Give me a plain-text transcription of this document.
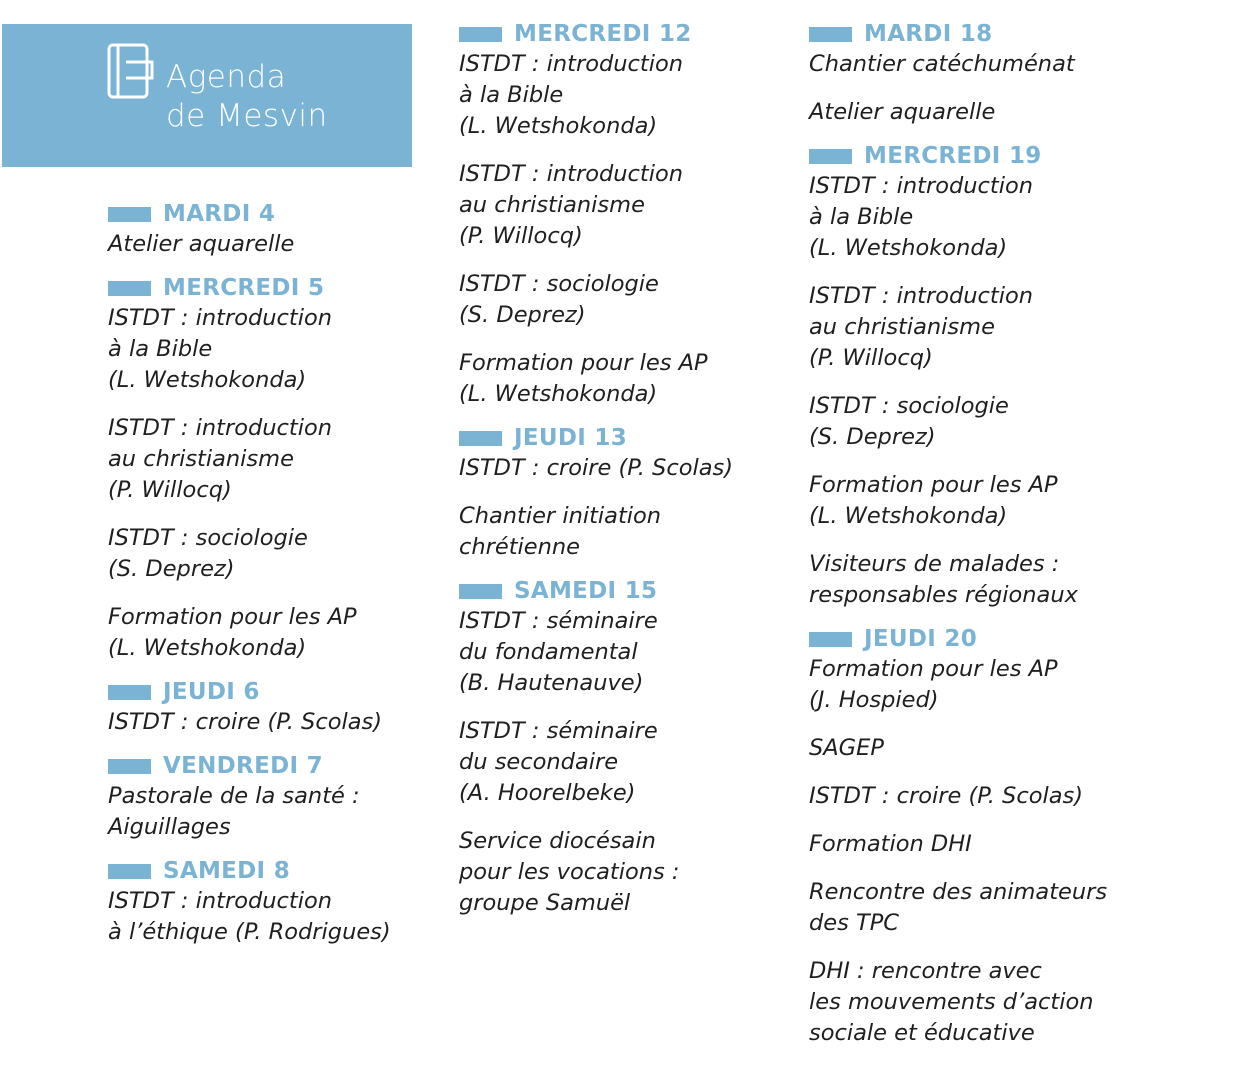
Agenda
de Mesvin
MARDI 4
Atelier aquarelle
MERCREDI 5
ISTDT : introduction
à la Bible
(L. Wetshokonda)
ISTDT : introduction
au christianisme
(P. Willocq)
ISTDT : sociologie
(S. Deprez)
Formation pour les AP
(L. Wetshokonda)
JEUDI 6
ISTDT : croire (P. Scolas)
VENDREDI 7
Pastorale de la santé :
Aiguillages
SAMEDI 8
ISTDT : introduction
à l’éthique (P. Rodrigues)
MERCREDI 12
ISTDT : introduction
à la Bible
(L. Wetshokonda)
ISTDT : introduction
au christianisme
(P. Willocq)
ISTDT : sociologie
(S. Deprez)
Formation pour les AP
(L. Wetshokonda)
JEUDI 13
ISTDT : croire (P. Scolas)
Chantier initiation
chrétienne
SAMEDI 15
ISTDT : séminaire
du fondamental
(B. Hautenauve)
ISTDT : séminaire
du secondaire
(A. Hoorelbeke)
Service diocésain
pour les vocations :
groupe Samuël
MARDI 18
Chantier catéchuménat
Atelier aquarelle
MERCREDI 19
ISTDT : introduction
à la Bible
(L. Wetshokonda)
ISTDT : introduction
au christianisme
(P. Willocq)
ISTDT : sociologie
(S. Deprez)
Formation pour les AP
(L. Wetshokonda)
Visiteurs de malades :
responsables régionaux
JEUDI 20
Formation pour les AP
(J. Hospied)
SAGEP
ISTDT : croire (P. Scolas)
Formation DHI
Rencontre des animateurs
des TPC
DHI : rencontre avec
les mouvements d’action
sociale et éducative
